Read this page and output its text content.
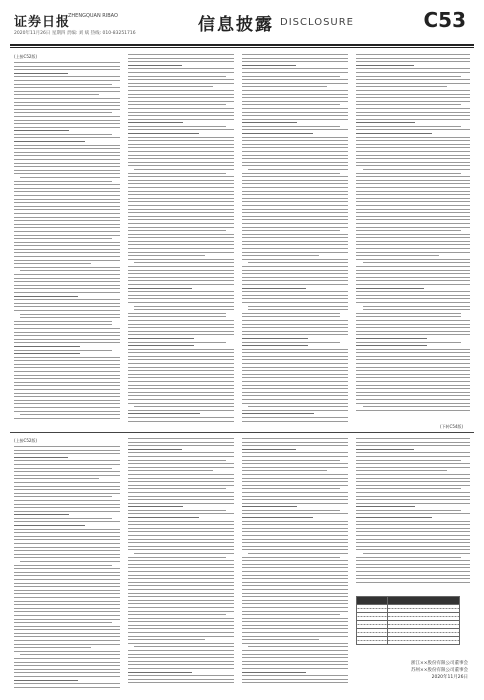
证券日报
ZHENGQUAN RIBAO
2020年11月26日 星期四 责编: 刘 斌 热线: 010-83251716	信息披露 DISCLOSURE	C53
(上接C52版)
(下转C54版)
(上接C52版)

浙江××股份有限公司董事会
苏州××股份有限公司董事会
2020年11月26日
